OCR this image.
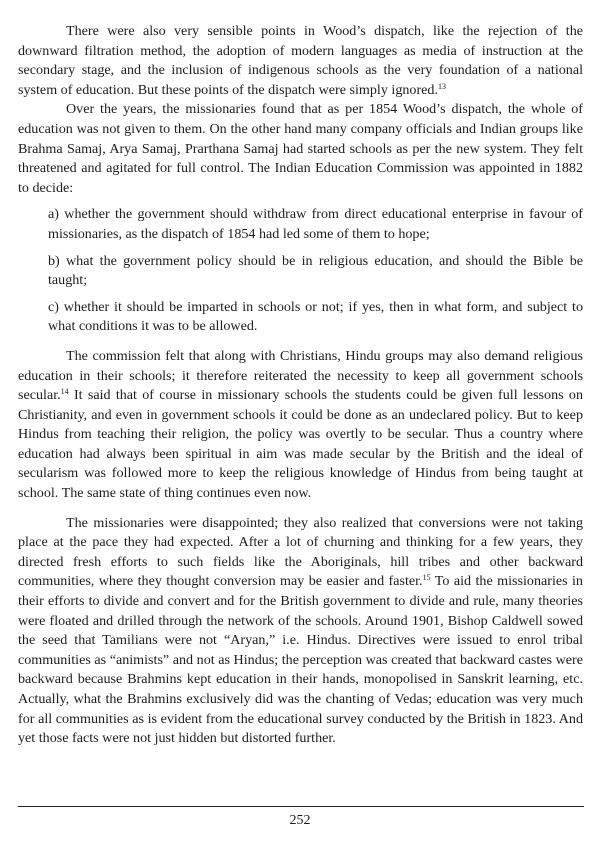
There were also very sensible points in Wood’s dispatch, like the rejection of the downward filtration method, the adoption of modern languages as media of instruction at the secondary stage, and the inclusion of indigenous schools as the very foundation of a national system of education. But these points of the dispatch were simply ignored.$^{13}$

Over the years, the missionaries found that as per 1854 Wood’s dispatch, the whole of education was not given to them. On the other hand many company officials and Indian groups like Brahma Samaj, Arya Samaj, Prarthana Samaj had started schools as per the new system. They felt threatened and agitated for full control. The Indian Education Commission was appointed in 1882 to decide:

a) whether the government should withdraw from direct educational enterprise in favour of missionaries, as the dispatch of 1854 had led some of them to hope;

b) what the government policy should be in religious education, and should the Bible be taught;

c) whether it should be imparted in schools or not; if yes, then in what form, and subject to what conditions it was to be allowed.

The commission felt that along with Christians, Hindu groups may also demand religious education in their schools; it therefore reiterated the necessity to keep all government schools secular.$^{14}$ It said that of course in missionary schools the students could be given full lessons on Christianity, and even in government schools it could be done as an undeclared policy. But to keep Hindus from teaching their religion, the policy was overtly to be secular. Thus a country where education had always been spiritual in aim was made secular by the British and the ideal of secularism was followed more to keep the religious knowledge of Hindus from being taught at school. The same state of thing continues even now.

The missionaries were disappointed; they also realized that conversions were not taking place at the pace they had expected. After a lot of churning and thinking for a few years, they directed fresh efforts to such fields like the Aboriginals, hill tribes and other backward communities, where they thought conversion may be easier and faster.$^{15}$ To aid the missionaries in their efforts to divide and convert and for the British government to divide and rule, many theories were floated and drilled through the network of the schools. Around 1901, Bishop Caldwell sowed the seed that Tamilians were not “Aryan,” i.e. Hindus. Directives were issued to enrol tribal communities as “animists” and not as Hindus; the perception was created that backward castes were backward because Brahmins kept education in their hands, monopolised in Sanskrit learning, etc. Actually, what the Brahmins exclusively did was the chanting of Vedas; education was very much for all communities as is evident from the educational survey conducted by the British in 1823. And yet those facts were not just hidden but distorted further.

252
